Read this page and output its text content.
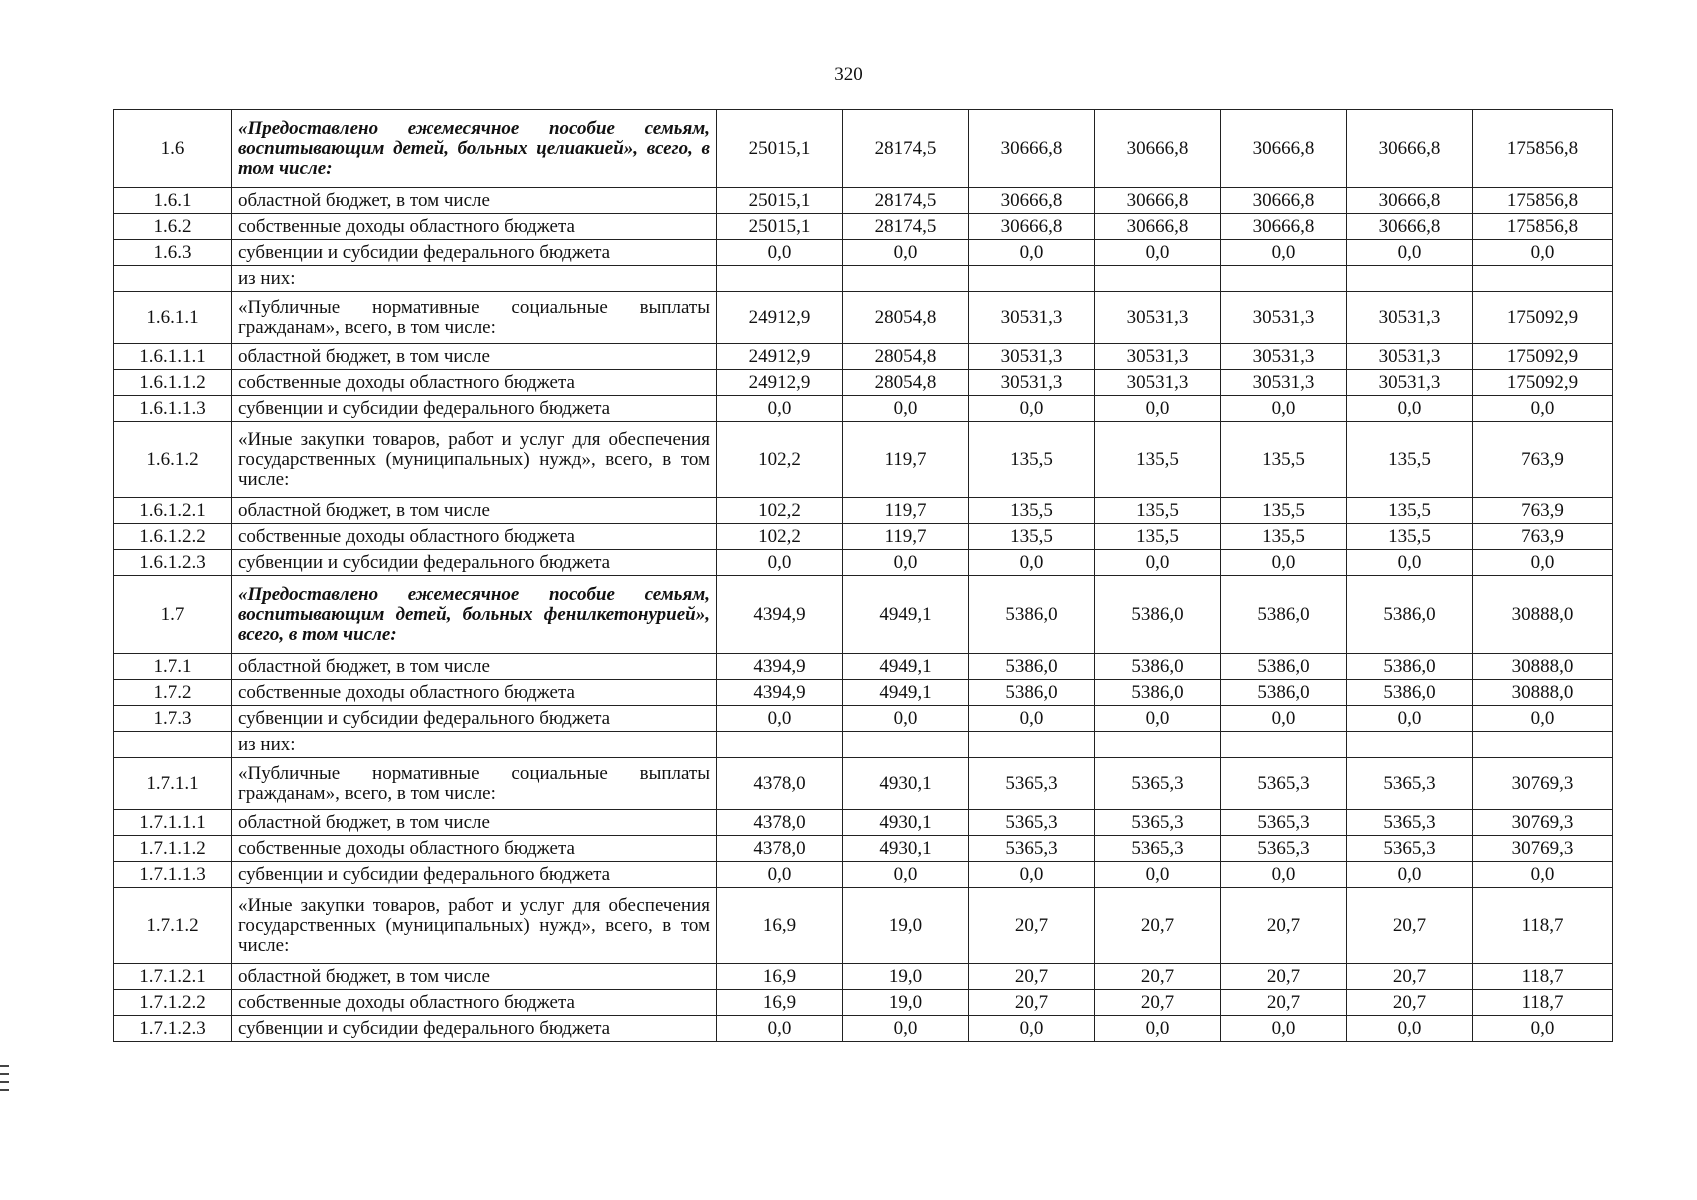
320
1.6	«Предоставлено ежемесячное пособие семьям, воспитывающим детей, больных целиакией», всего, в том числе:	25015,1	28174,5	30666,8	30666,8	30666,8	30666,8	175856,8
1.6.1	областной бюджет, в том числе	25015,1	28174,5	30666,8	30666,8	30666,8	30666,8	175856,8
1.6.2	собственные доходы областного бюджета	25015,1	28174,5	30666,8	30666,8	30666,8	30666,8	175856,8
1.6.3	субвенции и субсидии федерального бюджета	0,0	0,0	0,0	0,0	0,0	0,0	0,0
	из них:							
1.6.1.1	«Публичные нормативные социальные выплаты гражданам», всего, в том числе:	24912,9	28054,8	30531,3	30531,3	30531,3	30531,3	175092,9
1.6.1.1.1	областной бюджет, в том числе	24912,9	28054,8	30531,3	30531,3	30531,3	30531,3	175092,9
1.6.1.1.2	собственные доходы областного бюджета	24912,9	28054,8	30531,3	30531,3	30531,3	30531,3	175092,9
1.6.1.1.3	субвенции и субсидии федерального бюджета	0,0	0,0	0,0	0,0	0,0	0,0	0,0
1.6.1.2	«Иные закупки товаров, работ и услуг для обеспечения государственных (муниципальных) нужд», всего, в том числе:	102,2	119,7	135,5	135,5	135,5	135,5	763,9
1.6.1.2.1	областной бюджет, в том числе	102,2	119,7	135,5	135,5	135,5	135,5	763,9
1.6.1.2.2	собственные доходы областного бюджета	102,2	119,7	135,5	135,5	135,5	135,5	763,9
1.6.1.2.3	субвенции и субсидии федерального бюджета	0,0	0,0	0,0	0,0	0,0	0,0	0,0
1.7	«Предоставлено ежемесячное пособие семьям, воспитывающим детей, больных фенилкетонурией», всего, в том числе:	4394,9	4949,1	5386,0	5386,0	5386,0	5386,0	30888,0
1.7.1	областной бюджет, в том числе	4394,9	4949,1	5386,0	5386,0	5386,0	5386,0	30888,0
1.7.2	собственные доходы областного бюджета	4394,9	4949,1	5386,0	5386,0	5386,0	5386,0	30888,0
1.7.3	субвенции и субсидии федерального бюджета	0,0	0,0	0,0	0,0	0,0	0,0	0,0
	из них:							
1.7.1.1	«Публичные нормативные социальные выплаты гражданам», всего, в том числе:	4378,0	4930,1	5365,3	5365,3	5365,3	5365,3	30769,3
1.7.1.1.1	областной бюджет, в том числе	4378,0	4930,1	5365,3	5365,3	5365,3	5365,3	30769,3
1.7.1.1.2	собственные доходы областного бюджета	4378,0	4930,1	5365,3	5365,3	5365,3	5365,3	30769,3
1.7.1.1.3	субвенции и субсидии федерального бюджета	0,0	0,0	0,0	0,0	0,0	0,0	0,0
1.7.1.2	«Иные закупки товаров, работ и услуг для обеспечения государственных (муниципальных) нужд», всего, в том числе:	16,9	19,0	20,7	20,7	20,7	20,7	118,7
1.7.1.2.1	областной бюджет, в том числе	16,9	19,0	20,7	20,7	20,7	20,7	118,7
1.7.1.2.2	собственные доходы областного бюджета	16,9	19,0	20,7	20,7	20,7	20,7	118,7
1.7.1.2.3	субвенции и субсидии федерального бюджета	0,0	0,0	0,0	0,0	0,0	0,0	0,0
